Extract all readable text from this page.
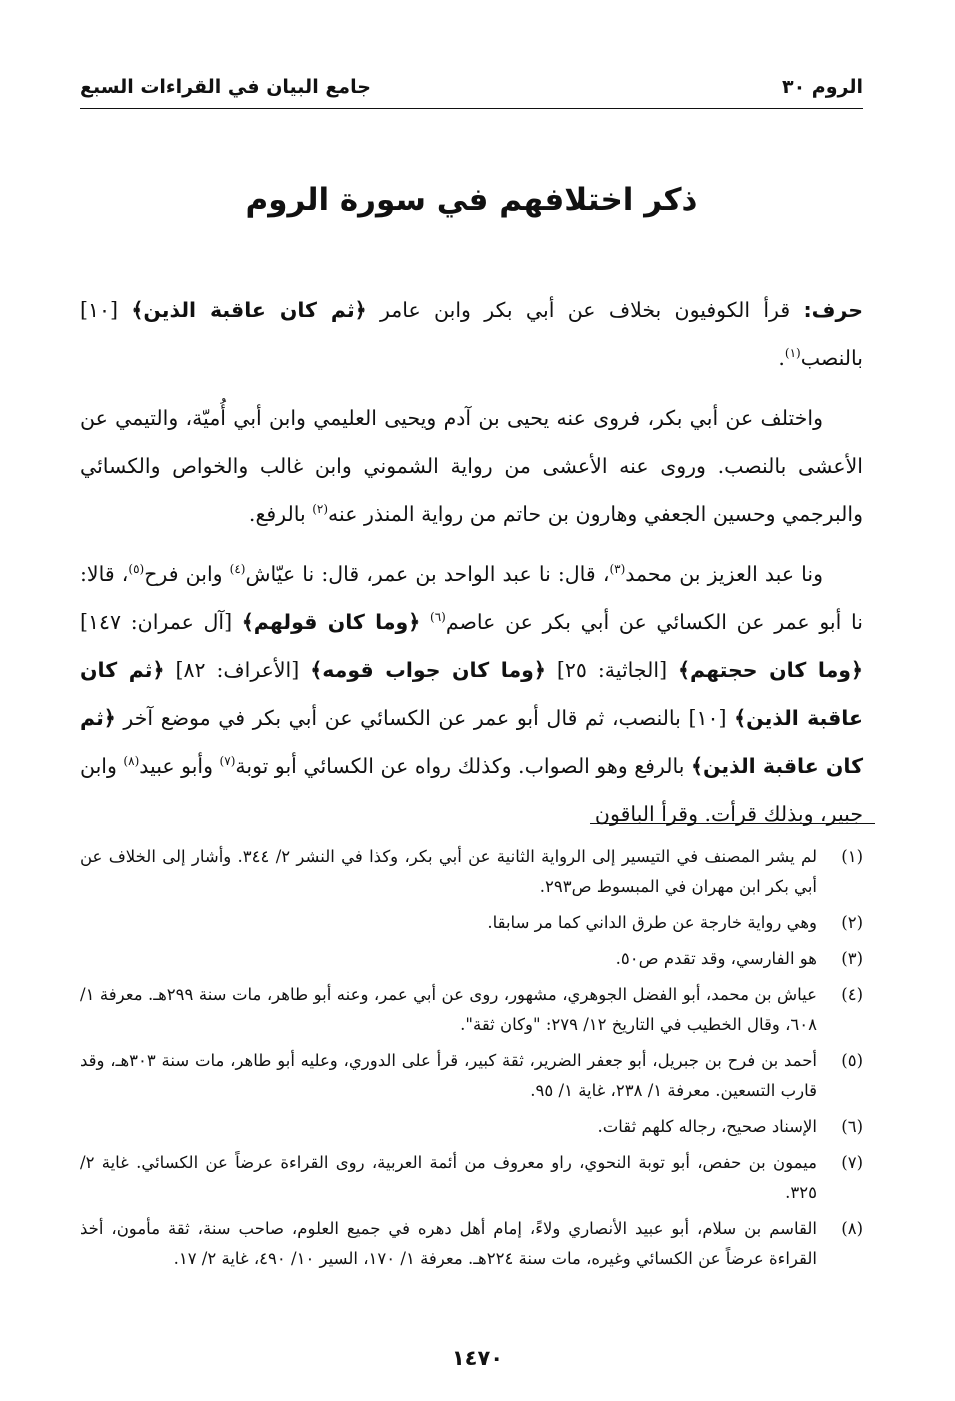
الروم ٣٠
جامع البيان في القراءات السبع
ذكر اختلافهم في سورة الروم

حرف: قرأ الكوفيون بخلاف عن أبي بكر وابن عامر ﴿ثم كان عاقبة الذين﴾ [١٠] بالنصب$^{(١)}$.

واختلف عن أبي بكر، فروى عنه يحيى بن آدم ويحيى العليمي وابن أبي أُميّة، والتيمي عن الأعشى بالنصب. وروى عنه الأعشى من رواية الشموني وابن غالب والخواص والكسائي والبرجمي وحسين الجعفي وهارون بن حاتم من رواية المنذر عنه$^{(٢)}$ بالرفع.

ونا عبد العزيز بن محمد$^{(٣)}$، قال: نا عبد الواحد بن عمر، قال: نا عيّاش$^{(٤)}$ وابن فرح$^{(٥)}$، قالا: نا أبو عمر عن الكسائي عن أبي بكر عن عاصم$^{(٦)}$ ﴿وما كان قولهم﴾ [آل عمران: ١٤٧] ﴿وما كان حجتهم﴾ [الجاثية: ٢٥] ﴿وما كان جواب قومه﴾ [الأعراف: ٨٢] ﴿ثم كان عاقبة الذين﴾ [١٠] بالنصب، ثم قال أبو عمر عن الكسائي عن أبي بكر في موضع آخر ﴿ثم كان عاقبة الذين﴾ بالرفع وهو الصواب. وكذلك رواه عن الكسائي أبو توبة$^{(٧)}$ وأبو عبيد$^{(٨)}$ وابن جبير، وبذلك قرأت. وقرأ الباقون

(١)
لم يشر المصنف في التيسير إلى الرواية الثانية عن أبي بكر، وكذا في النشر ٢/ ٣٤٤. وأشار إلى الخلاف عن أبي بكر ابن مهران في المبسوط ص٢٩٣.
(٢)
وهي رواية خارجة عن طرق الداني كما مر سابقا.
(٣)
هو الفارسي، وقد تقدم ص٥٠.
(٤)
عياش بن محمد، أبو الفضل الجوهري، مشهور، روى عن أبي عمر، وعنه أبو طاهر، مات سنة ٢٩٩هـ. معرفة ١/ ٦٠٨، وقال الخطيب في التاريخ ١٢/ ٢٧٩: "وكان ثقة".
(٥)
أحمد بن فرح بن جبريل، أبو جعفر الضرير، ثقة كبير، قرأ على الدوري، وعليه أبو طاهر، مات سنة ٣٠٣هـ، وقد قارب التسعين. معرفة ١/ ٢٣٨، غاية ١/ ٩٥.
(٦)
الإسناد صحيح، رجاله كلهم ثقات.
(٧)
ميمون بن حفص، أبو توبة النحوي، راو معروف من أئمة العربية، روى القراءة عرضاً عن الكسائي. غاية ٢/ ٣٢٥.
(٨)
القاسم بن سلام، أبو عبيد الأنصاري ولاءً، إمام أهل دهره في جميع العلوم، صاحب سنة، ثقة مأمون، أخذ القراءة عرضاً عن الكسائي وغيره، مات سنة ٢٢٤هـ. معرفة ١/ ١٧٠، السير ١٠/ ٤٩٠، غاية ٢/ ١٧.
١٤٧٠
